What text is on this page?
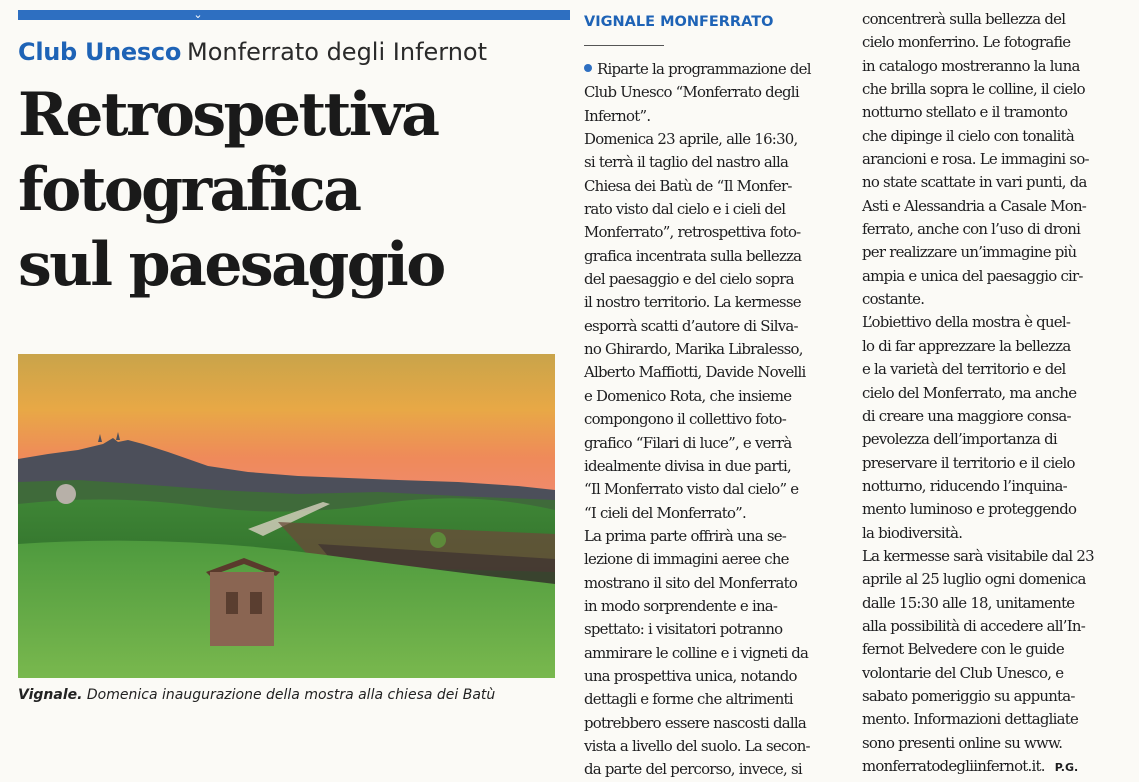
⌄
Club Unesco Monferrato degli Infernot
Retrospettiva
fotografica
sul paesaggio
Vignale. Domenica inaugurazione della mostra alla chiesa dei Batù
VIGNALE MONFERRATO
Riparte la programmazione del
Club Unesco “Monferrato degli
Infernot”.
Domenica 23 aprile, alle 16:30,
si terrà il taglio del nastro alla
Chiesa dei Batù de “Il Monfer-
rato visto dal cielo e i cieli del
Monferrato”, retrospettiva foto-
grafica incentrata sulla bellezza
del paesaggio e del cielo sopra
il nostro territorio. La kermesse
esporrà scatti d’autore di Silva-
no Ghirardo, Marika Libralesso,
Alberto Maffiotti, Davide Novelli
e Domenico Rota, che insieme
compongono il collettivo foto-
grafico “Filari di luce”, e verrà
idealmente divisa in due parti,
“Il Monferrato visto dal cielo” e
“I cieli del Monferrato”.
La prima parte offrirà una se-
lezione di immagini aeree che
mostrano il sito del Monferrato
in modo sorprendente e ina-
spettato: i visitatori potranno
ammirare le colline e i vigneti da
una prospettiva unica, notando
dettagli e forme che altrimenti
potrebbero essere nascosti dalla
vista a livello del suolo. La secon-
da parte del percorso, invece, si
concentrerà sulla bellezza del
cielo monferrino. Le fotografie
in catalogo mostreranno la luna
che brilla sopra le colline, il cielo
notturno stellato e il tramonto
che dipinge il cielo con tonalità
arancioni e rosa. Le immagini so-
no state scattate in vari punti, da
Asti e Alessandria a Casale Mon-
ferrato, anche con l’uso di droni
per realizzare un’immagine più
ampia e unica del paesaggio cir-
costante.
L’obiettivo della mostra è quel-
lo di far apprezzare la bellezza
e la varietà del territorio e del
cielo del Monferrato, ma anche
di creare una maggiore consa-
pevolezza dell’importanza di
preservare il territorio e il cielo
notturno, riducendo l’inquina-
mento luminoso e proteggendo
la biodiversità.
La kermesse sarà visitabile dal 23
aprile al 25 luglio ogni domenica
dalle 15:30 alle 18, unitamente
alla possibilità di accedere all’In-
fernot Belvedere con le guide
volontarie del Club Unesco, e
sabato pomeriggio su appunta-
mento. Informazioni dettagliate
sono presenti online su www.
monferratodegliinfernot.it. P.G.
